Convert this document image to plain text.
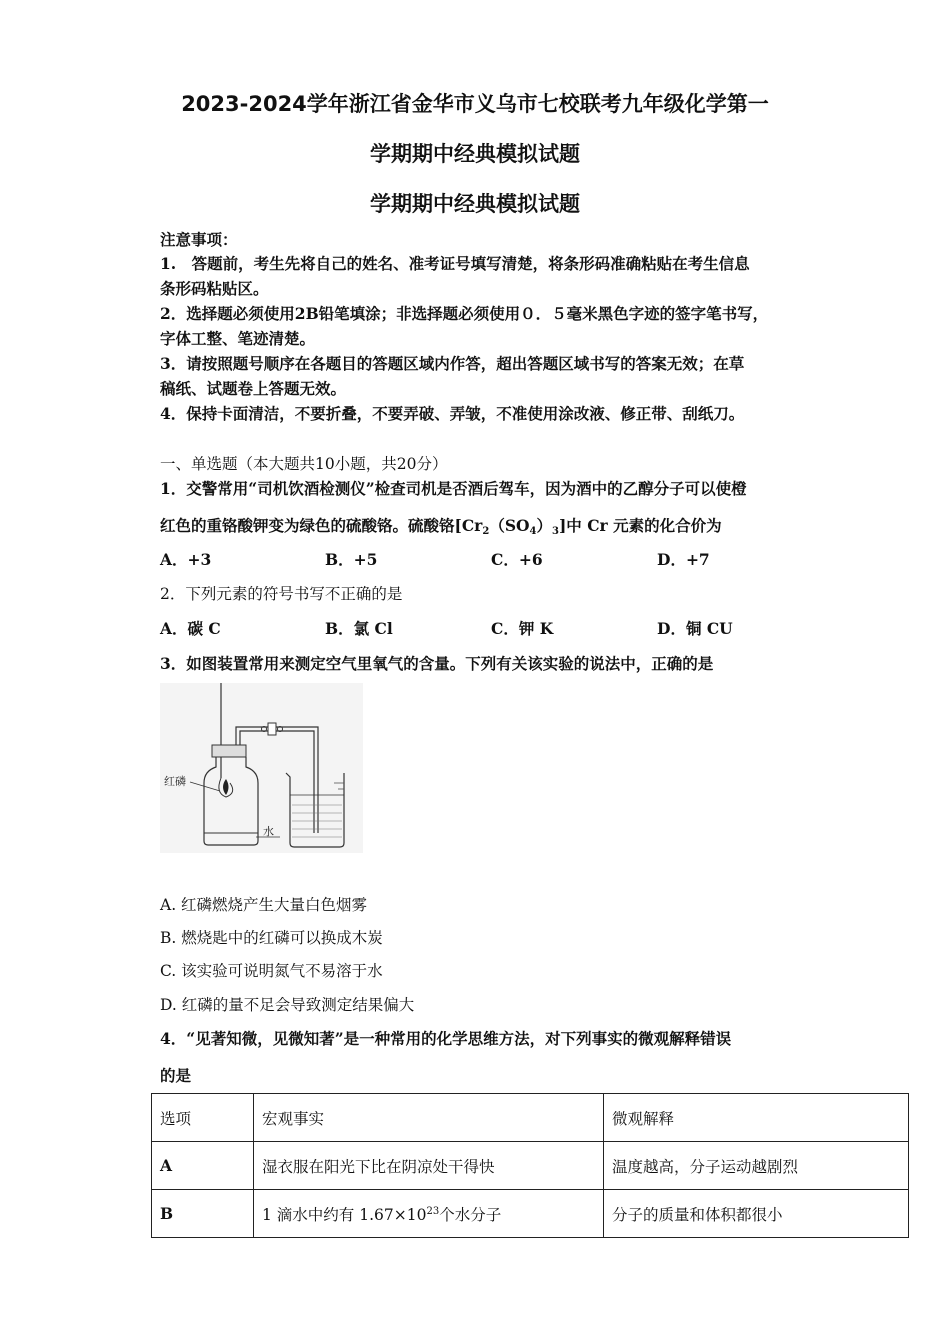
2023-2024学年浙江省金华市义乌市七校联考九年级化学第一
学期期中经典模拟试题
学期期中经典模拟试题
注意事项：
1.　答题前，考生先将自己的姓名、准考证号填写清楚，将条形码准确粘贴在考生信息
条形码粘贴区。
2．选择题必须使用2B铅笔填涂；非选择题必须使用０．５毫米黑色字迹的签字笔书写，
字体工整、笔迹清楚。
3．请按照题号顺序在各题目的答题区域内作答，超出答题区域书写的答案无效；在草
稿纸、试题卷上答题无效。
4．保持卡面清洁，不要折叠，不要弄破、弄皱，不准使用涂改液、修正带、刮纸刀。
一、单选题（本大题共10小题，共20分）
1．交警常用“司机饮酒检测仪”检查司机是否酒后驾车，因为酒中的乙醇分子可以使橙
红色的重铬酸钾变为绿色的硫酸铬。硫酸铬$[Cr_2(SO_4)_3]$中 Cr 元素的化合价为
A．+3	B．+5	C．+6	D．+7
2．下列元素的符号书写不正确的是
A．碳 C	B．氯 Cl	C．钾 K	D．铜 CU
3．如图装置常用来测定空气里氧气的含量。下列有关该实验的说法中，正确的是
红磷
水
A. 红磷燃烧产生大量白色烟雾
B. 燃烧匙中的红磷可以换成木炭
C. 该实验可说明氮气不易溶于水
D. 红磷的量不足会导致测定结果偏大
4．“见著知微，见微知著”是一种常用的化学思维方法，对下列事实的微观解释错误
的是
选项	宏观事实	微观解释
A	湿衣服在阳光下比在阴凉处干得快	温度越高，分子运动越剧烈
B	1 滴水中约有 $1.67\times 10^{23}$个水分子	分子的质量和体积都很小
